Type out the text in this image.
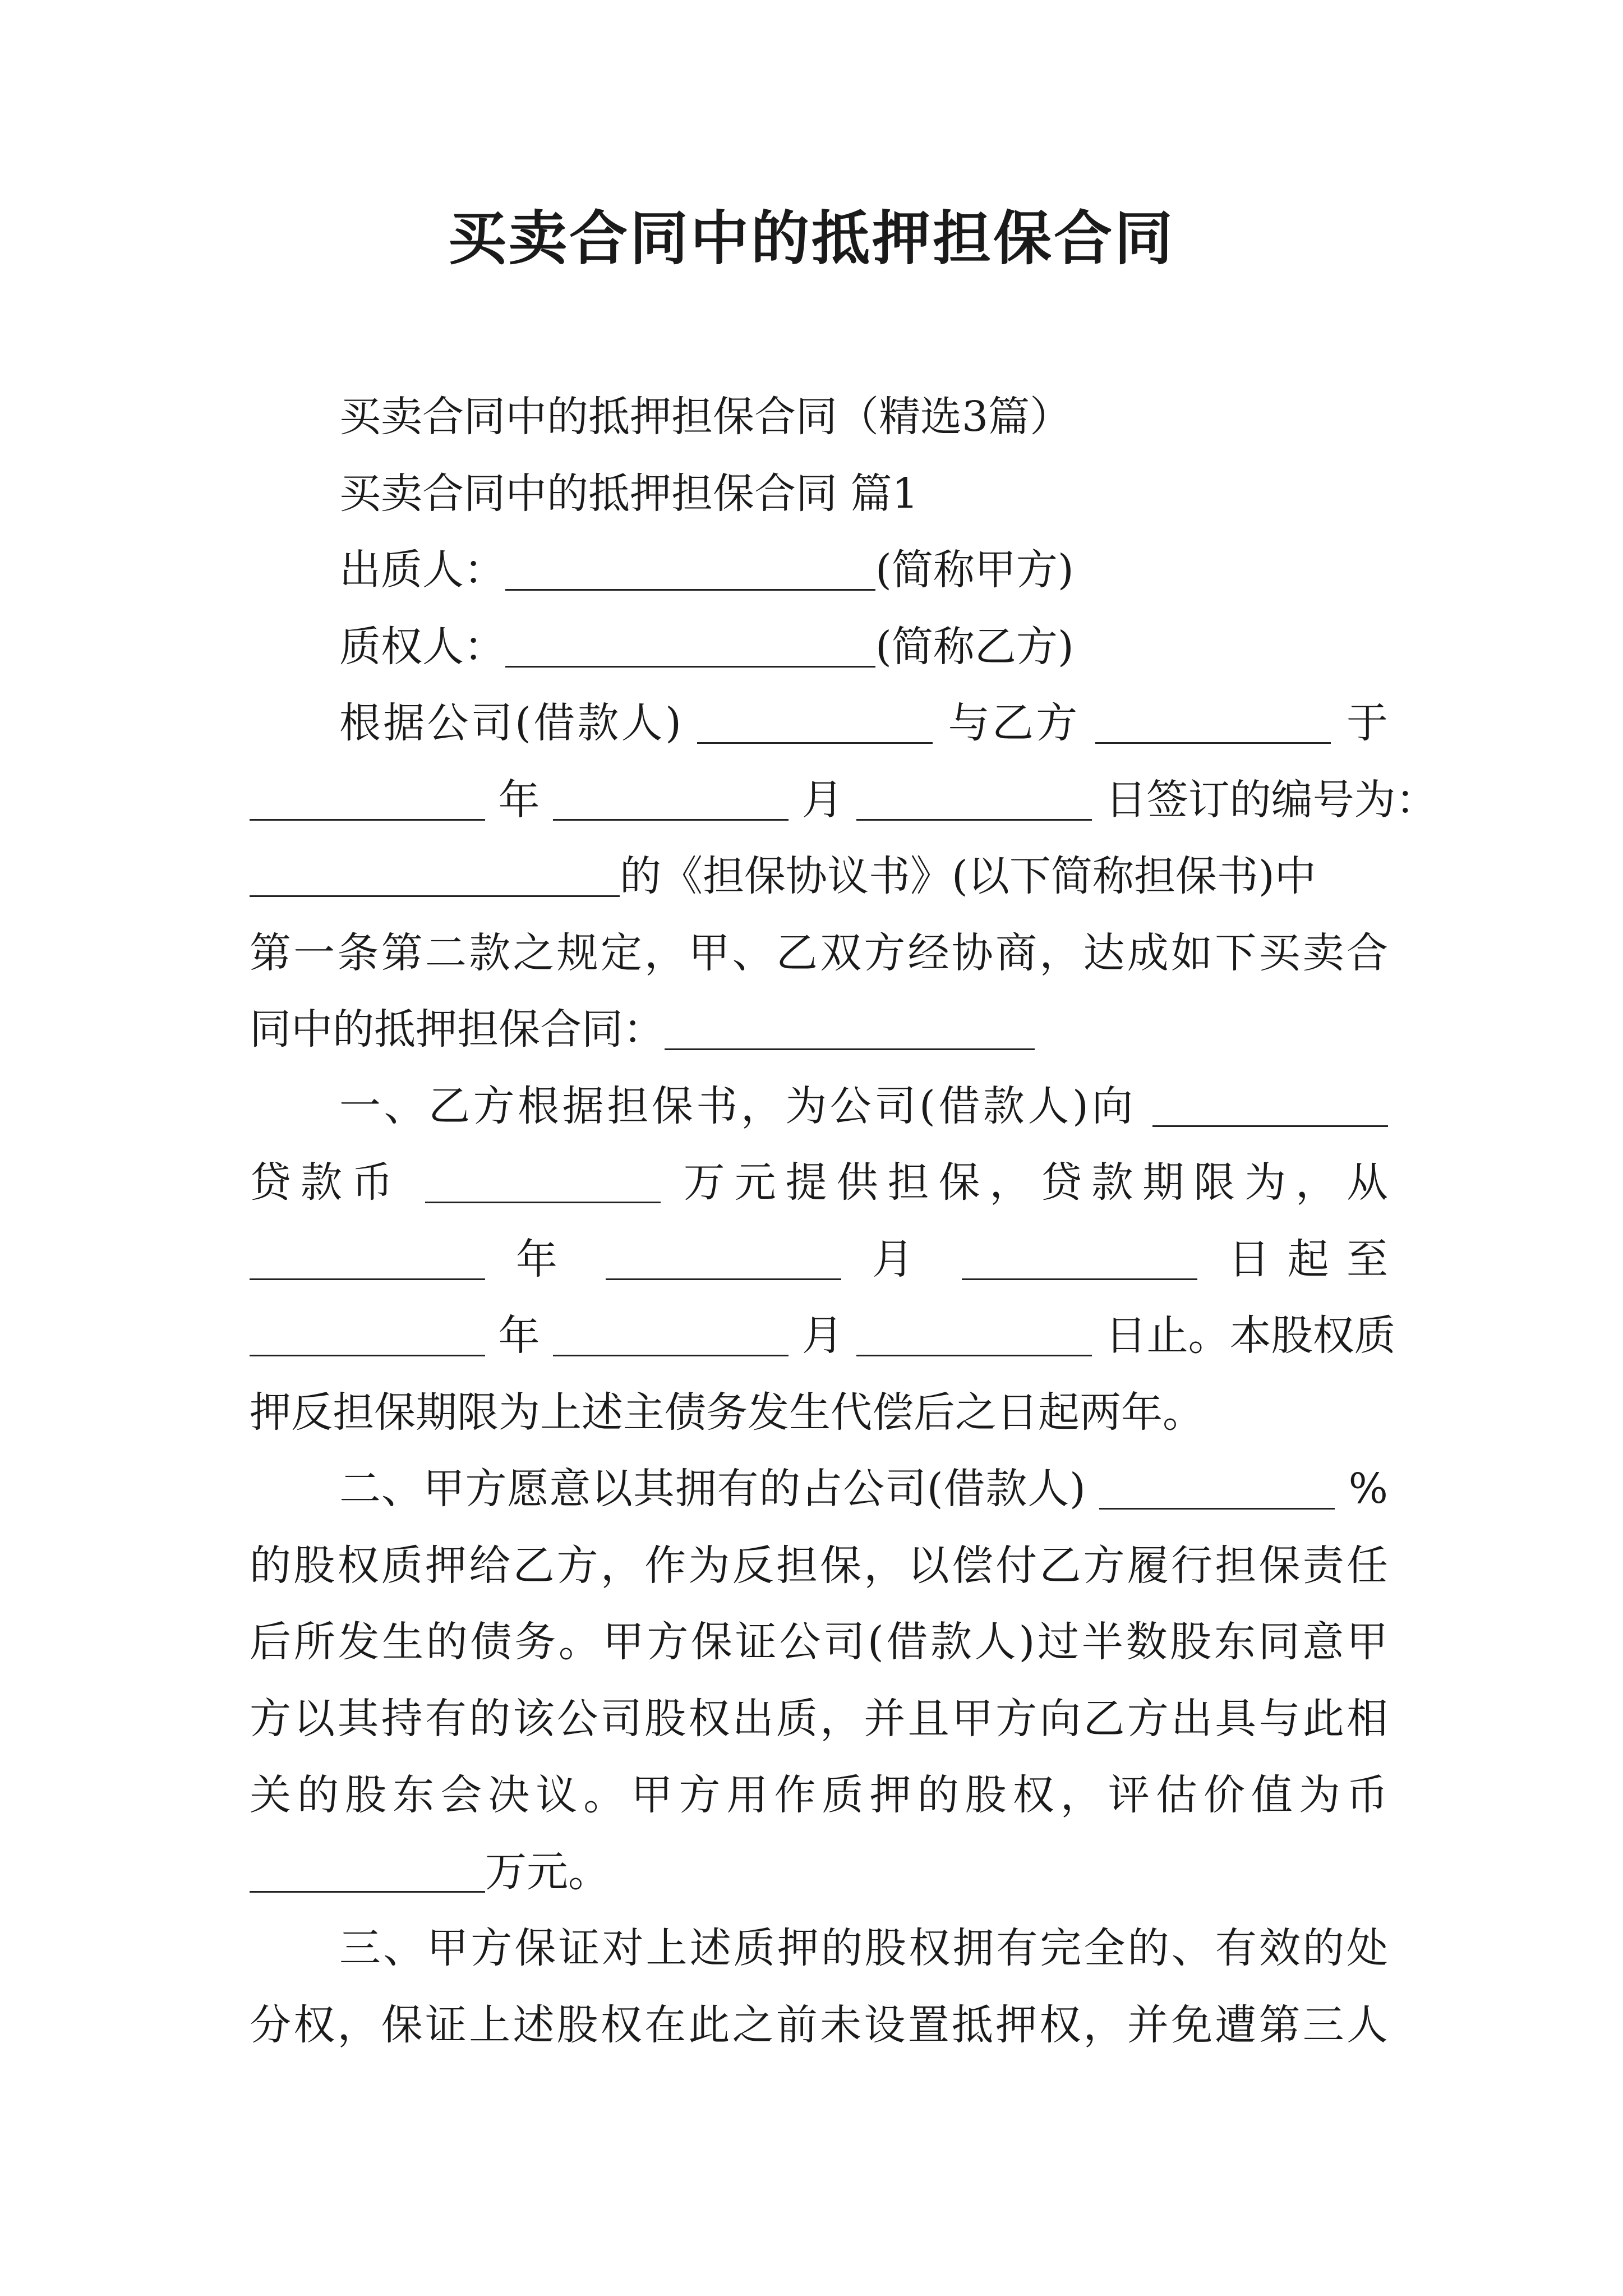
买卖合同中的抵押担保合同
买卖合同中的抵押担保合同（精选3篇）
买卖合同中的抵押担保合同 篇1
出质人：	(简称甲方)
质权人：	(简称乙方)
根据公司(借款人)	与乙方	于
年	月	日签订的编号为：
的《担保协议书》(以下简称担保书)中
第一条第二款之规定，甲、乙双方经协商，达成如下买卖合
同中的抵押担保合同：
一、乙方根据担保书，为公司(借款人)向
贷款币	万元提供担保，贷款期限为，从
年	月	日起至
年	月	日止。本股权质
押反担保期限为上述主债务发生代偿后之日起两年。
二、甲方愿意以其拥有的占公司(借款人)	%
的股权质押给乙方，作为反担保，以偿付乙方履行担保责任
后所发生的债务。甲方保证公司(借款人)过半数股东同意甲
方以其持有的该公司股权出质，并且甲方向乙方出具与此相
关的股东会决议。甲方用作质押的股权，评估价值为币
万元。
三、甲方保证对上述质押的股权拥有完全的、有效的处
分权，保证上述股权在此之前未设置抵押权，并免遭第三人
